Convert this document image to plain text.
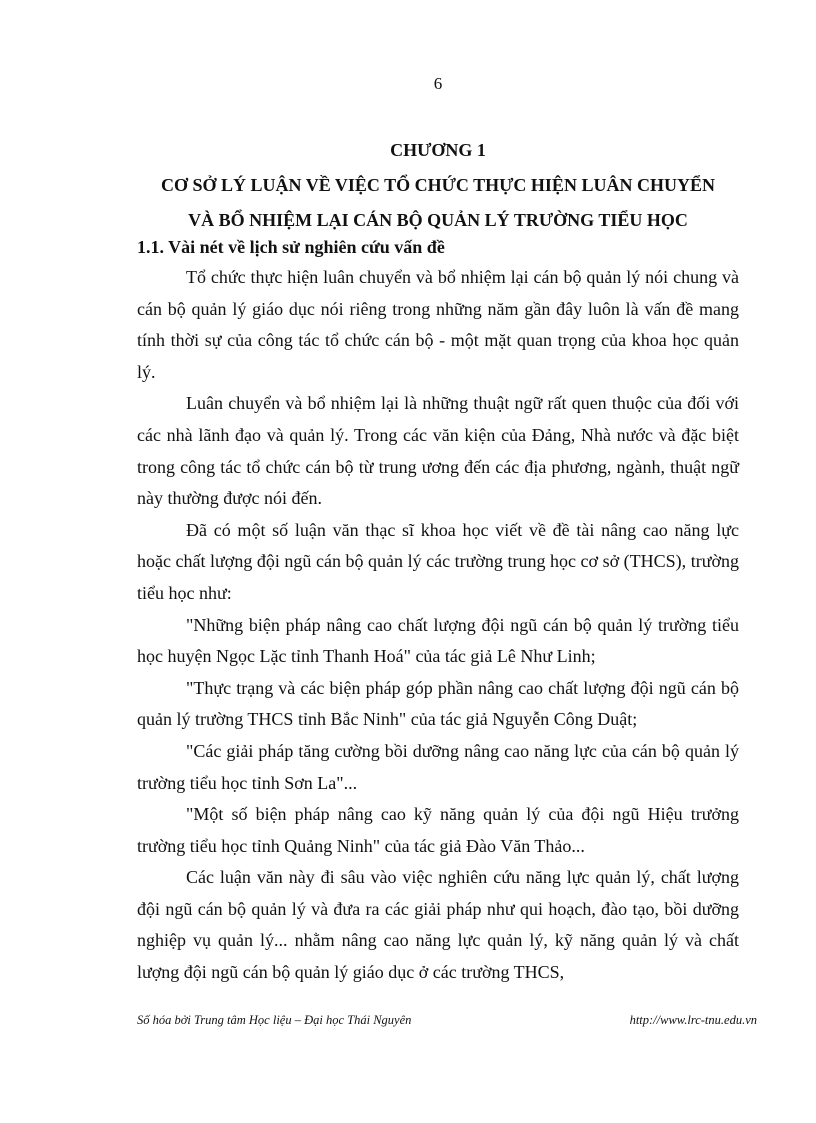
6
CHƯƠNG 1
CƠ SỞ LÝ LUẬN VỀ VIỆC TỔ CHỨC THỰC HIỆN LUÂN CHUYỂN
VÀ BỔ NHIỆM LẠI CÁN BỘ QUẢN LÝ TRƯỜNG TIỂU HỌC
1.1. Vài nét về lịch sử nghiên cứu vấn đề

Tổ chức thực hiện luân chuyển và bổ nhiệm lại cán bộ quản lý nói chung và cán bộ quản lý giáo dục nói riêng trong những năm gần đây luôn là vấn đề mang tính thời sự của công tác tổ chức cán bộ - một mặt quan trọng của khoa học quản lý.

Luân chuyển và bổ nhiệm lại là những thuật ngữ rất quen thuộc của đối với các nhà lãnh đạo và quản lý. Trong các văn kiện của Đảng, Nhà nước và đặc biệt trong công tác tổ chức cán bộ từ trung ương đến các địa phương, ngành, thuật ngữ này thường được nói đến.

Đã có một số luận văn thạc sĩ khoa học viết về đề tài nâng cao năng lực hoặc chất lượng đội ngũ cán bộ quản lý các trường trung học cơ sở (THCS), trường tiểu học như:

"Những biện pháp nâng cao chất lượng đội ngũ cán bộ quản lý trường tiểu học huyện Ngọc Lặc tỉnh Thanh Hoá" của tác giả Lê Như Linh;

"Thực trạng và các biện pháp góp phần nâng cao chất lượng đội ngũ cán bộ quản lý trường THCS tỉnh Bắc Ninh" của tác giả Nguyễn Công Duật;

"Các giải pháp tăng cường bồi dưỡng nâng cao năng lực của cán bộ quản lý trường tiểu học tỉnh Sơn La"...

"Một số biện pháp nâng cao kỹ năng quản lý của đội ngũ Hiệu trưởng trường tiểu học tỉnh Quảng Ninh" của tác giả Đào Văn Thảo...

Các luận văn này đi sâu vào việc nghiên cứu năng lực quản lý, chất lượng đội ngũ cán bộ quản lý và đưa ra các giải pháp như qui hoạch, đào tạo, bồi dưỡng nghiệp vụ quản lý... nhằm nâng cao năng lực quản lý, kỹ năng quản lý và chất lượng đội ngũ cán bộ quản lý giáo dục ở các trường THCS,

Số hóa bởi Trung tâm Học liệu – Đại học Thái Nguyên	http://www.lrc-tnu.edu.vn
